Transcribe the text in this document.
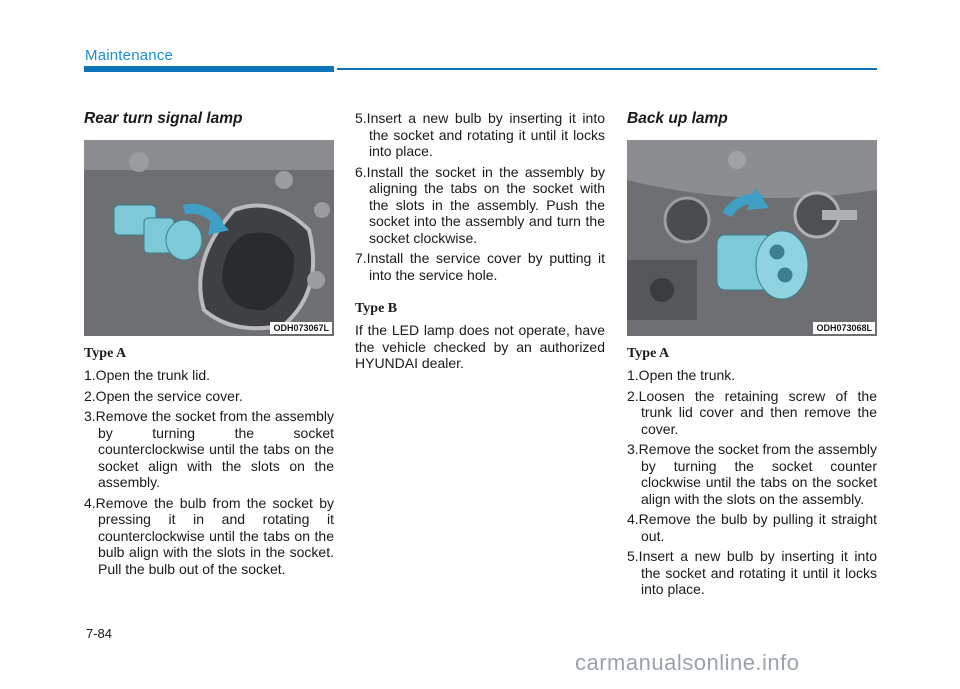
Maintenance
Rear turn signal lamp
ODH073067L
Type A
1.Open the trunk lid.
2.Open the service cover.
3.Remove the socket from the assembly by turning the socket counterclockwise until the tabs on the socket align with the slots on the assembly.
4.Remove the bulb from the socket by pressing it in and rotating it counterclockwise until the tabs on the bulb align with the slots in the socket. Pull the bulb out of the socket.
5.Insert a new bulb by inserting it into the socket and rotating it until it locks into place.
6.Install the socket in the assembly by aligning the tabs on the socket with the slots in the assembly. Push the socket into the assembly and turn the socket clockwise.
7.Install the service cover by putting it into the service hole.
Type B

If the LED lamp does not operate, have the vehicle checked by an authorized HYUNDAI dealer.

Back up lamp
ODH073068L
Type A
1.Open the trunk.
2.Loosen the retaining screw of the trunk lid cover and then remove the cover.
3.Remove the socket from the assembly by turning the socket counter clockwise until the tabs on the socket align with the slots on the assembly.
4.Remove the bulb by pulling it straight out.
5.Insert a new bulb by inserting it into the socket and rotating it until it locks into place.
7-84
carmanualsonline.info
